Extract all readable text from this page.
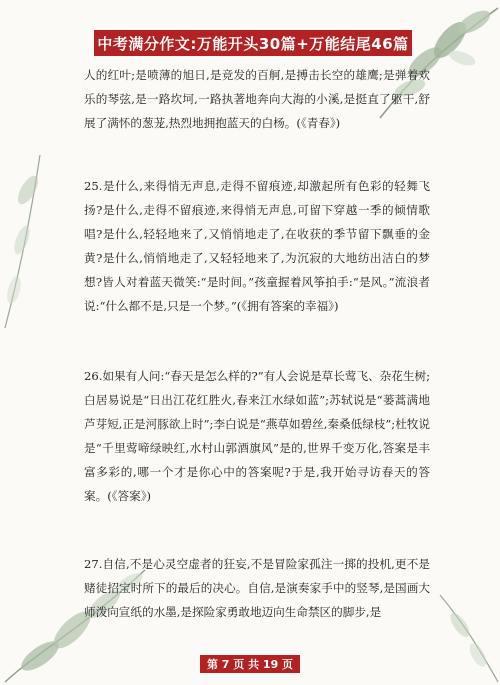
中考满分作文:万能开头30篇+万能结尾46篇

人的红叶;是喷薄的旭日,是竞发的百舸,是搏击长空的雄鹰;是弹着欢乐的琴弦,是一路坎坷,一路执著地奔向大海的小溪,是挺直了躯干,舒展了满怀的葱茏,热烈地拥抱蓝天的白杨。(《青春》)

25.是什么,来得悄无声息,走得不留痕迹,却激起所有色彩的轻舞飞扬?是什么,走得不留痕迹,来得悄无声息,可留下穿越一季的倾情歌唱?是什么,轻轻地来了,又悄悄地走了,在收获的季节留下飘垂的金黄?是什么,悄悄地走了,又轻轻地来了,为沉寂的大地纺出洁白的梦想?皆人对着蓝天微笑:“是时间。”孩童握着风筝拍手:“是风。”流浪者说:“什么都不是,只是一个梦。”(《拥有答案的幸福》)

26.如果有人问:“春天是怎么样的?”有人会说是草长莺飞、杂花生树;白居易说是“日出江花红胜火,春来江水绿如蓝”;苏轼说是“蒌蒿满地芦芽短,正是河豚欲上时”;李白说是“燕草如碧丝,秦桑低绿枝”;杜牧说是“千里莺啼绿映红,水村山郭酒旗风”是的,世界千变万化,答案是丰富多彩的,哪一个才是你心中的答案呢?于是,我开始寻访春天的答案。(《答案》)

27.自信,不是心灵空虚者的狂妄,不是冒险家孤注一掷的投机,更不是赌徒招宝时所下的最后的决心。自信,是演奏家手中的竖琴,是国画大师泼向宣纸的水墨,是探险家勇敢地迈向生命禁区的脚步,是

第 7 页 共 19 页
